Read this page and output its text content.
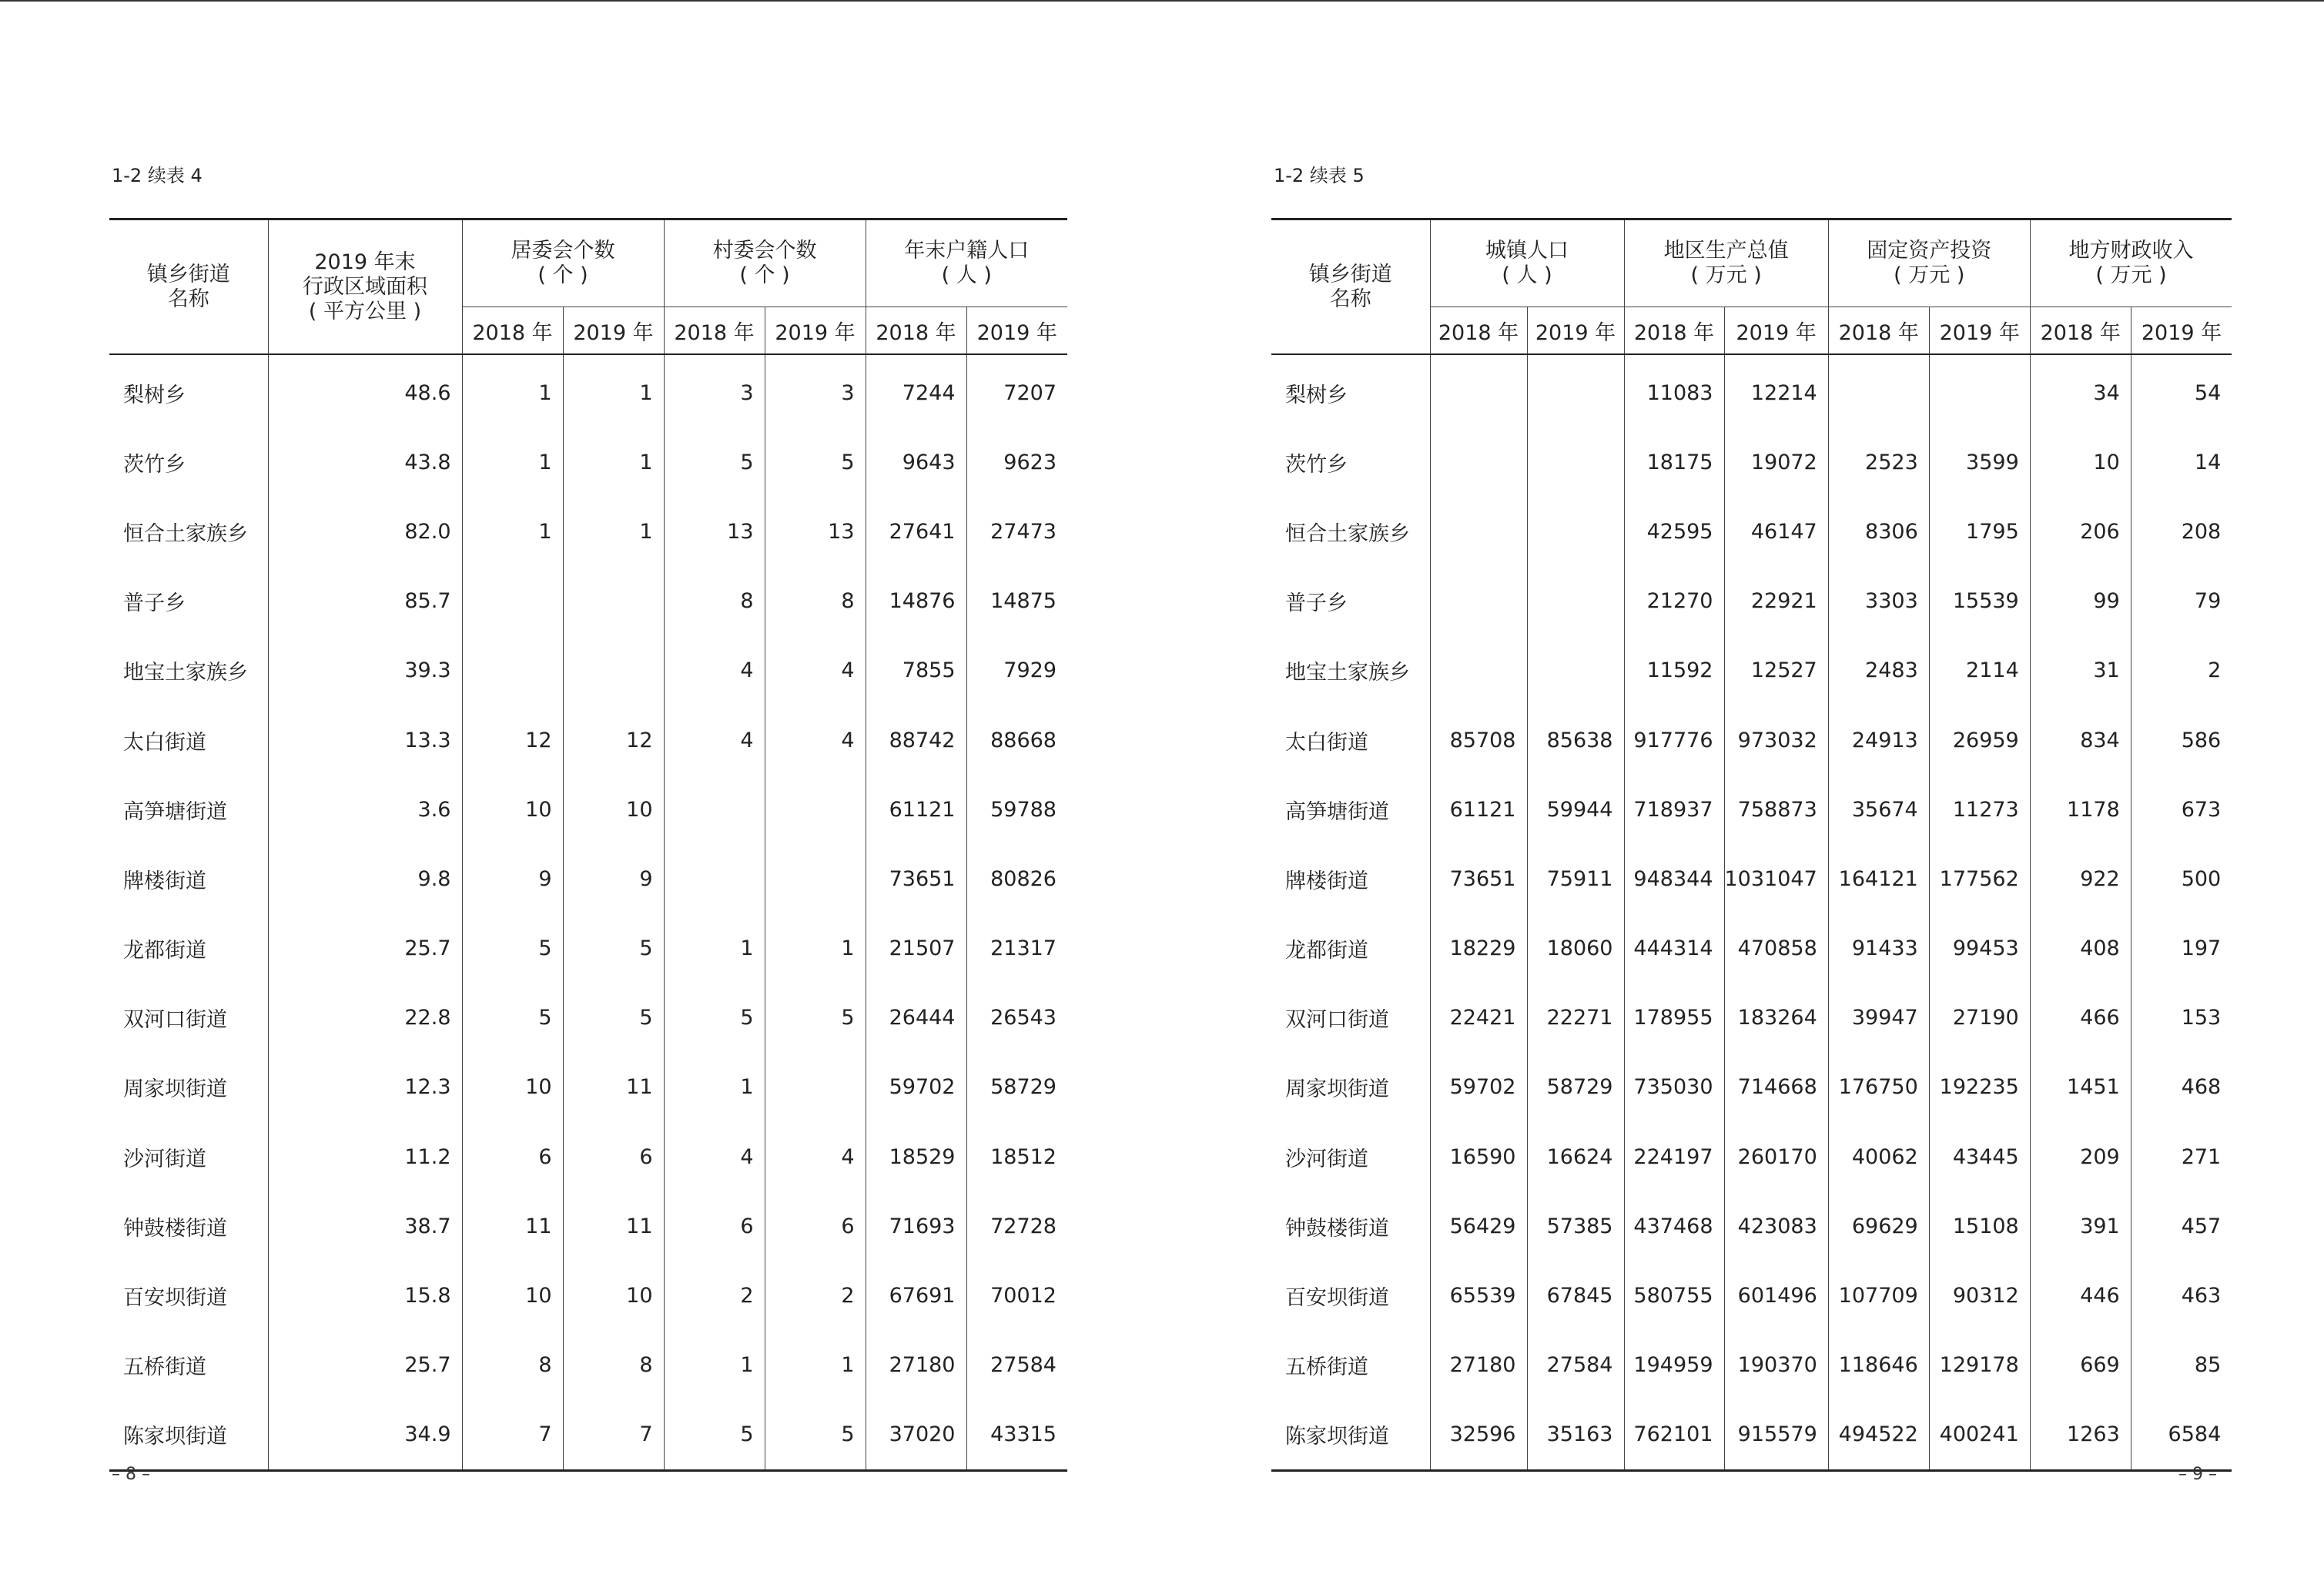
1-2 续表 4
镇乡街道
名称	2019 年末
行政区域面积
( 平方公里 )	居委会个数
( 个 )		村委会个数
( 个 )		年末户籍人口
( 人 )	
		2018 年	2019 年	2018 年	2019 年	2018 年	2019 年
梨树乡	48.6	1	1	3	3	7244	7207
茨竹乡	43.8	1	1	5	5	9643	9623
恒合土家族乡	82.0	1	1	13	13	27641	27473
普子乡	85.7			8	8	14876	14875
地宝土家族乡	39.3			4	4	7855	7929
太白街道	13.3	12	12	4	4	88742	88668
高笋塘街道	3.6	10	10			61121	59788
牌楼街道	9.8	9	9			73651	80826
龙都街道	25.7	5	5	1	1	21507	21317
双河口街道	22.8	5	5	5	5	26444	26543
周家坝街道	12.3	10	11	1		59702	58729
沙河街道	11.2	6	6	4	4	18529	18512
钟鼓楼街道	38.7	11	11	6	6	71693	72728
百安坝街道	15.8	10	10	2	2	67691	70012
五桥街道	25.7	8	8	1	1	27180	27584
陈家坝街道	34.9	7	7	5	5	37020	43315
– 8 –
1-2 续表 5
镇乡街道
名称	城镇人口
( 人 )		地区生产总值
( 万元 )		固定资产投资
( 万元 )		地方财政收入
( 万元 )	
	2018 年	2019 年	2018 年	2019 年	2018 年	2019 年	2018 年	2019 年
梨树乡			11083	12214			34	54
茨竹乡			18175	19072	2523	3599	10	14
恒合土家族乡			42595	46147	8306	1795	206	208
普子乡			21270	22921	3303	15539	99	79
地宝土家族乡			11592	12527	2483	2114	31	2
太白街道	85708	85638	917776	973032	24913	26959	834	586
高笋塘街道	61121	59944	718937	758873	35674	11273	1178	673
牌楼街道	73651	75911	948344	1031047	164121	177562	922	500
龙都街道	18229	18060	444314	470858	91433	99453	408	197
双河口街道	22421	22271	178955	183264	39947	27190	466	153
周家坝街道	59702	58729	735030	714668	176750	192235	1451	468
沙河街道	16590	16624	224197	260170	40062	43445	209	271
钟鼓楼街道	56429	57385	437468	423083	69629	15108	391	457
百安坝街道	65539	67845	580755	601496	107709	90312	446	463
五桥街道	27180	27584	194959	190370	118646	129178	669	85
陈家坝街道	32596	35163	762101	915579	494522	400241	1263	6584
– 9 –
